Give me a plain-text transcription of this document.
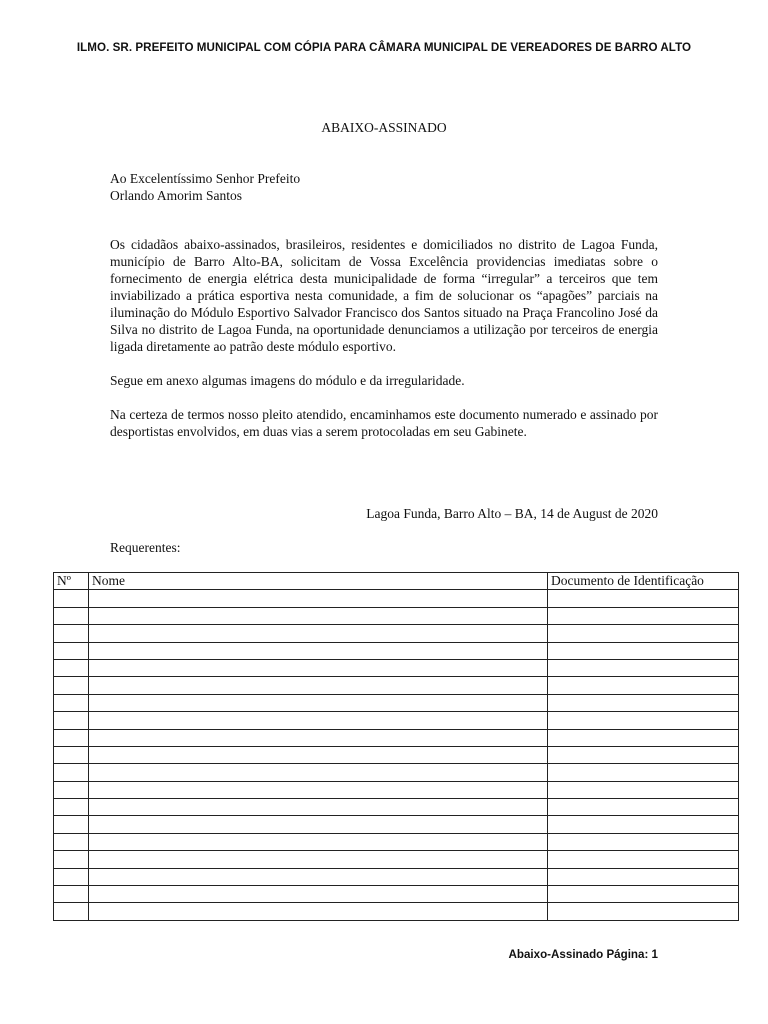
ILMO. SR. PREFEITO MUNICIPAL COM CÓPIA PARA CÂMARA MUNICIPAL DE VEREADORES DE BARRO ALTO
ABAIXO-ASSINADO
Ao Excelentíssimo Senhor Prefeito
Orlando Amorim Santos

Os cidadãos abaixo-assinados, brasileiros, residentes e domiciliados no distrito de Lagoa Funda, município de Barro Alto-BA, solicitam de Vossa Excelência providencias imediatas sobre o fornecimento de energia elétrica desta municipalidade de forma “irregular” a terceiros que tem inviabilizado a prática esportiva nesta comunidade, a fim de solucionar os “apagões” parciais na iluminação do Módulo Esportivo Salvador Francisco dos Santos situado na Praça Francolino José da Silva no distrito de Lagoa Funda, na oportunidade denunciamos a utilização por terceiros de energia ligada diretamente ao patrão deste módulo esportivo.

Segue em anexo algumas imagens do módulo e da irregularidade.

Na certeza de termos nosso pleito atendido, encaminhamos este documento numerado e assinado por desportistas envolvidos, em duas vias a serem protocoladas em seu Gabinete.

Lagoa Funda, Barro Alto – BA, 14 de August de 2020
Requerentes:
Nº	Nome	Documento de Identificação

Abaixo-Assinado Página: 1
